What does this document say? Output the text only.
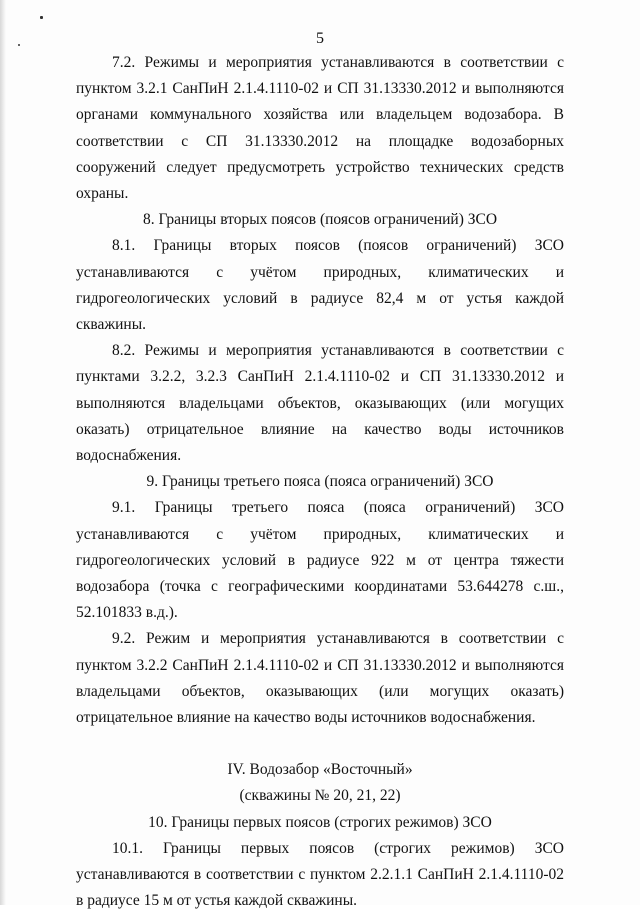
5

7.2. Режимы и мероприятия устанавливаются в соответствии с пунктом 3.2.1 СанПиН 2.1.4.1110-02 и СП 31.13330.2012 и выполняются органами коммунального хозяйства или владельцем водозабора. В соответствии с СП 31.13330.2012 на площадке водозаборных сооружений следует предусмотреть устройство технических средств охраны.

8. Границы вторых поясов (поясов ограничений) ЗСО

8.1. Границы вторых поясов (поясов ограничений) ЗСО устанавливаются с учётом природных, климатических и гидрогеологических условий в радиусе 82,4 м от устья каждой скважины.

8.2. Режимы и мероприятия устанавливаются в соответствии с пунктами 3.2.2, 3.2.3 СанПиН 2.1.4.1110-02 и СП 31.13330.2012 и выполняются владельцами объектов, оказывающих (или могущих оказать) отрицательное влияние на качество воды источников водоснабжения.

9. Границы третьего пояса (пояса ограничений) ЗСО

9.1. Границы третьего пояса (пояса ограничений) ЗСО устанавливаются с учётом природных, климатических и гидрогеологических условий в радиусе 922 м от центра тяжести водозабора (точка с географическими координатами 53.644278 с.ш., 52.101833 в.д.).

9.2. Режим и мероприятия устанавливаются в соответствии с пунктом 3.2.2 СанПиН 2.1.4.1110-02 и СП 31.13330.2012 и выполняются владельцами объектов, оказывающих (или могущих оказать) отрицательное влияние на качество воды источников водоснабжения.

IV. Водозабор «Восточный»

(скважины № 20, 21, 22)

10. Границы первых поясов (строгих режимов) ЗСО

10.1. Границы первых поясов (строгих режимов) ЗСО устанавливаются в соответствии с пунктом 2.2.1.1 СанПиН 2.1.4.1110-02 в радиусе 15 м от устья каждой скважины.
